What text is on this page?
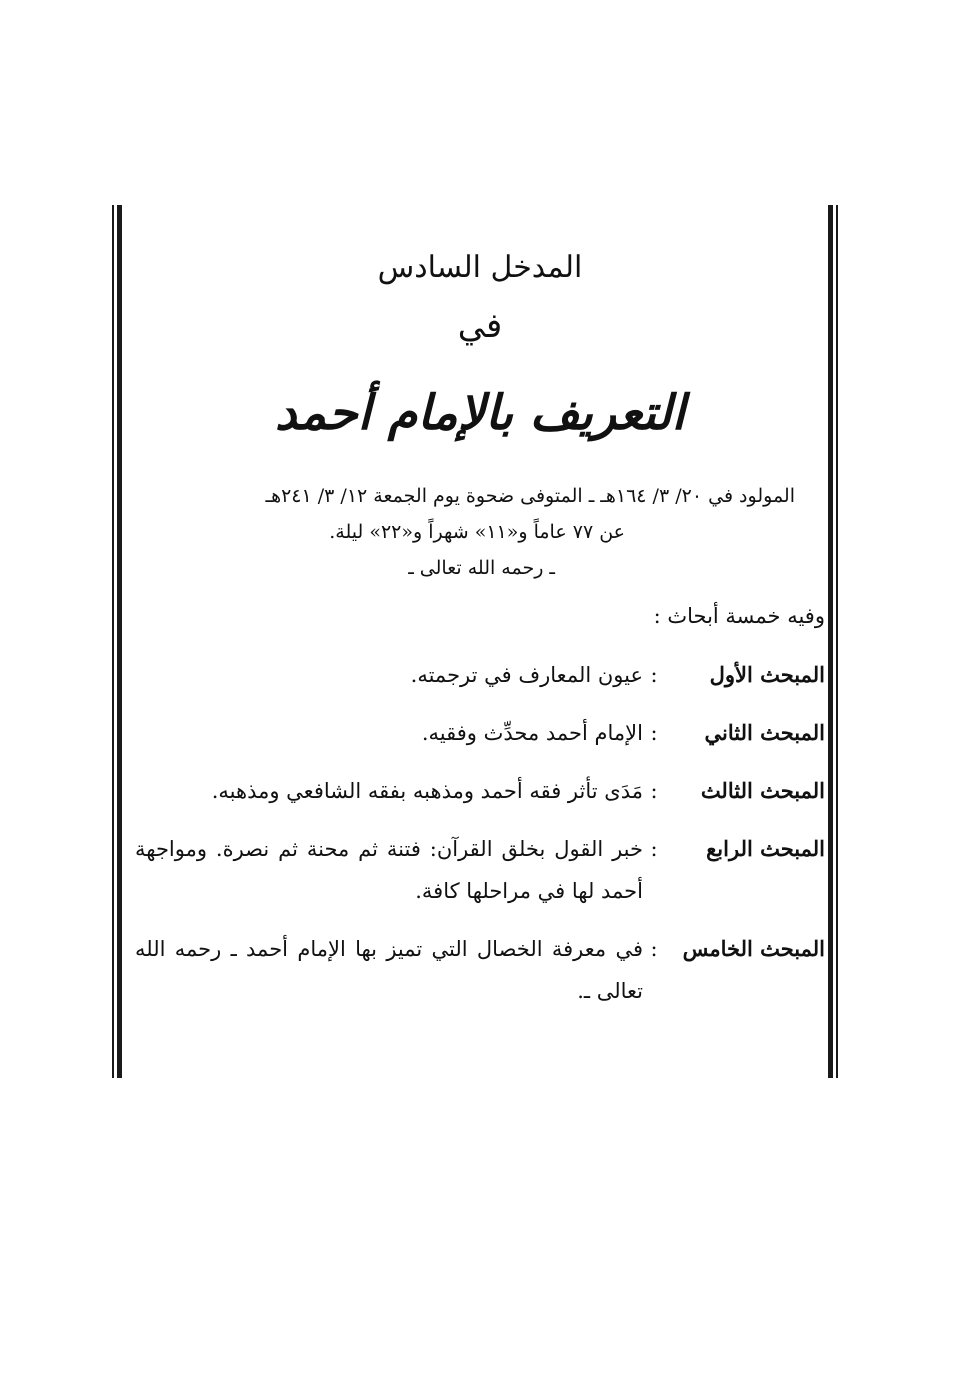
المدخل السادس
في
التعريف بالإمام أحمد
المولود في ٢٠/ ٣/ ١٦٤هـ ـ المتوفى ضحوة يوم الجمعة ١٢/ ٣/ ٢٤١هـ
عن ٧٧ عاماً و«١١» شهراً و«٢٢» ليلة.
ـ رحمه الله تعالى ـ
وفيه خمسة أبحاث :
المبحث الأول
:
عيون المعارف في ترجمته.
المبحث الثاني
:
الإمام أحمد محدِّث وفقيه.
المبحث الثالث
:
مَدَى تأثر فقه أحمد ومذهبه بفقه الشافعي ومذهبه.
المبحث الرابع
:
خبر القول بخلق القرآن: فتنة ثم محنة ثم نصرة. ومواجهة أحمد لها في مراحلها كافة.
المبحث الخامس
:
في معرفة الخصال التي تميز بها الإمام أحمد ـ رحمه الله تعالى ـ.
